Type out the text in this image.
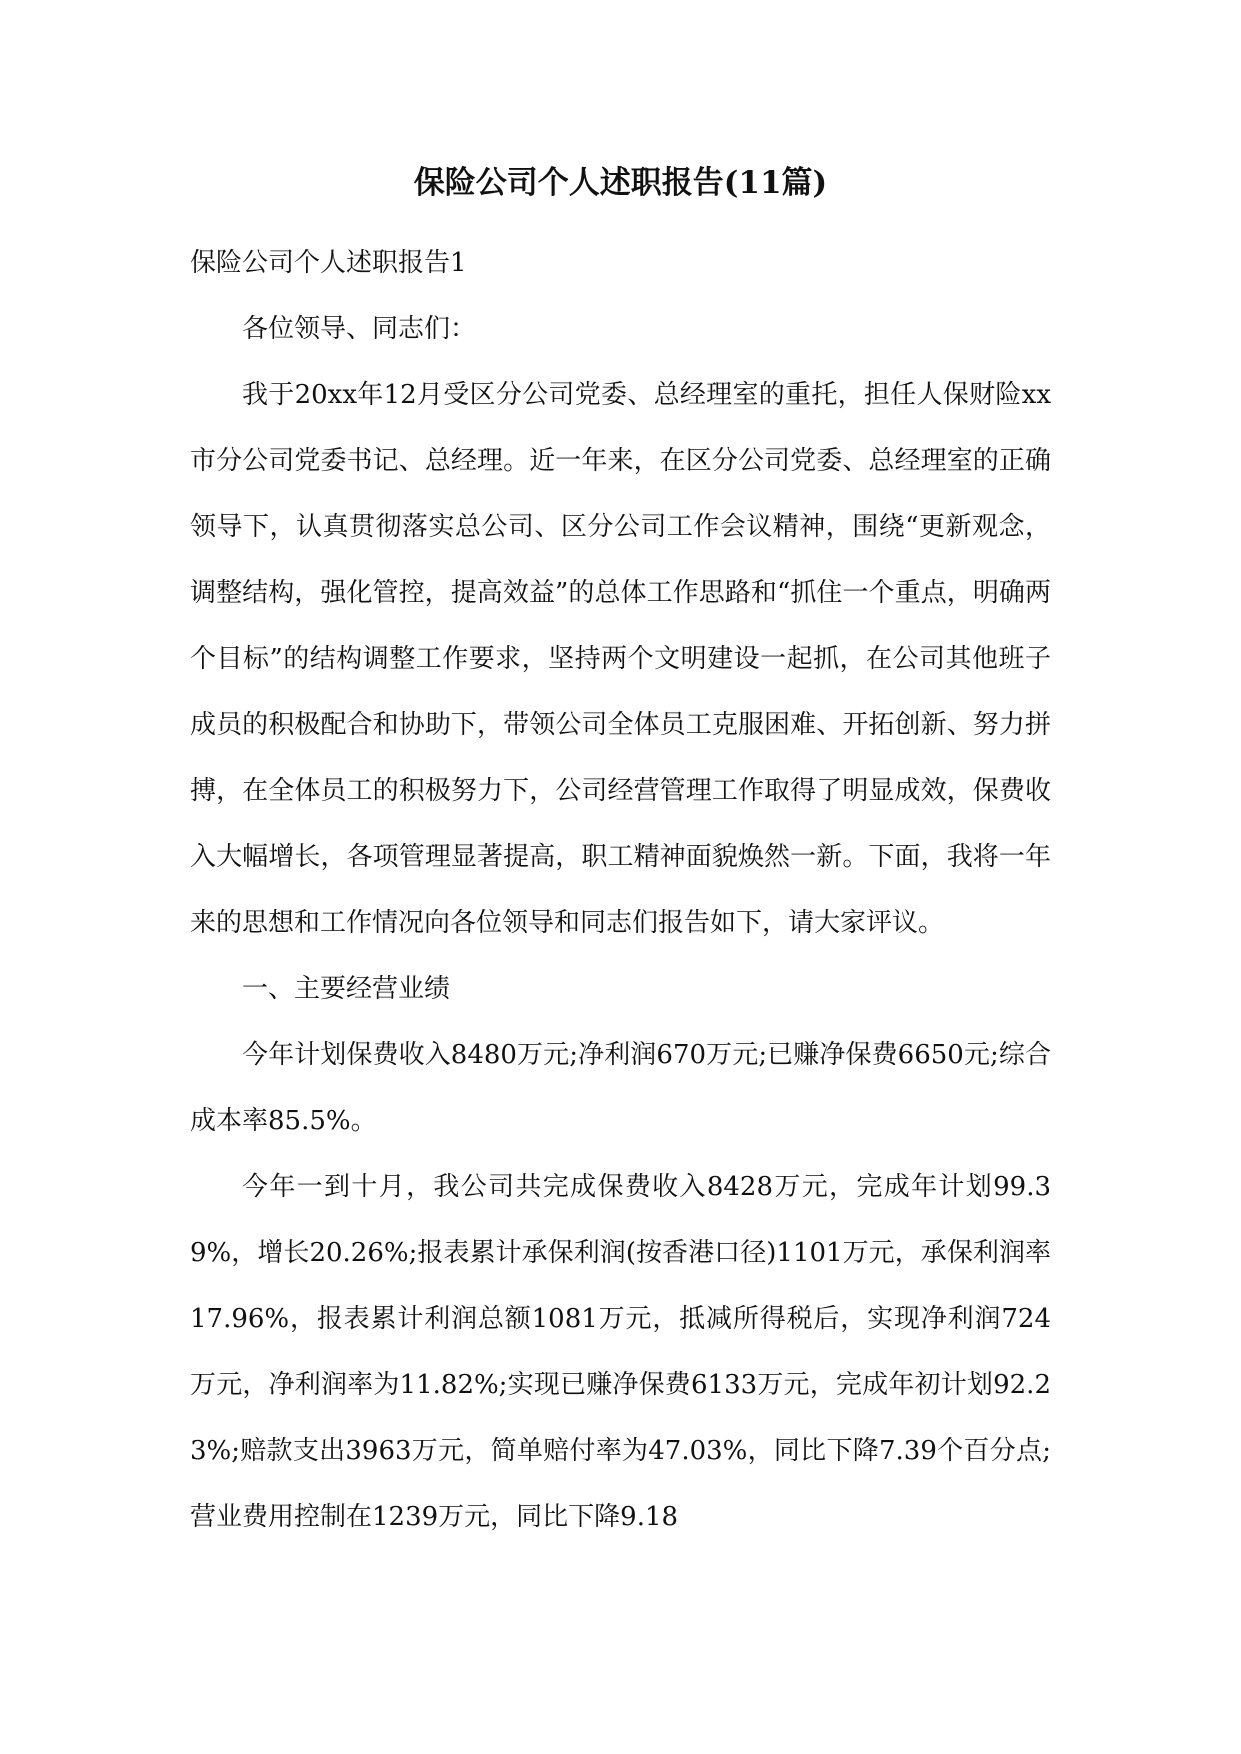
保险公司个人述职报告(11篇)

保险公司个人述职报告1

各位领导、同志们：

我于20xx年12月受区分公司党委、总经理室的重托，担任人保财险xx市分公司党委书记、总经理。近一年来，在区分公司党委、总经理室的正确领导下，认真贯彻落实总公司、区分公司工作会议精神，围绕“更新观念，调整结构，强化管控，提高效益”的总体工作思路和“抓住一个重点，明确两个目标”的结构调整工作要求，坚持两个文明建设一起抓，在公司其他班子成员的积极配合和协助下，带领公司全体员工克服困难、开拓创新、努力拼搏，在全体员工的积极努力下，公司经营管理工作取得了明显成效，保费收入大幅增长，各项管理显著提高，职工精神面貌焕然一新。下面，我将一年来的思想和工作情况向各位领导和同志们报告如下，请大家评议。

一、主要经营业绩

今年计划保费收入8480万元;净利润670万元;已赚净保费6650元;综合成本率85.5%。

今年一到十月，我公司共完成保费收入8428万元，完成年计划99.39%，增长20.26%;报表累计承保利润(按香港口径)1101万元，承保利润率17.96%，报表累计利润总额1081万元，抵减所得税后，实现净利润724万元，净利润率为11.82%;实现已赚净保费6133万元，完成年初计划92.23%;赔款支出3963万元，简单赔付率为47.03%，同比下降7.39个百分点;营业费用控制在1239万元，同比下降9.18
